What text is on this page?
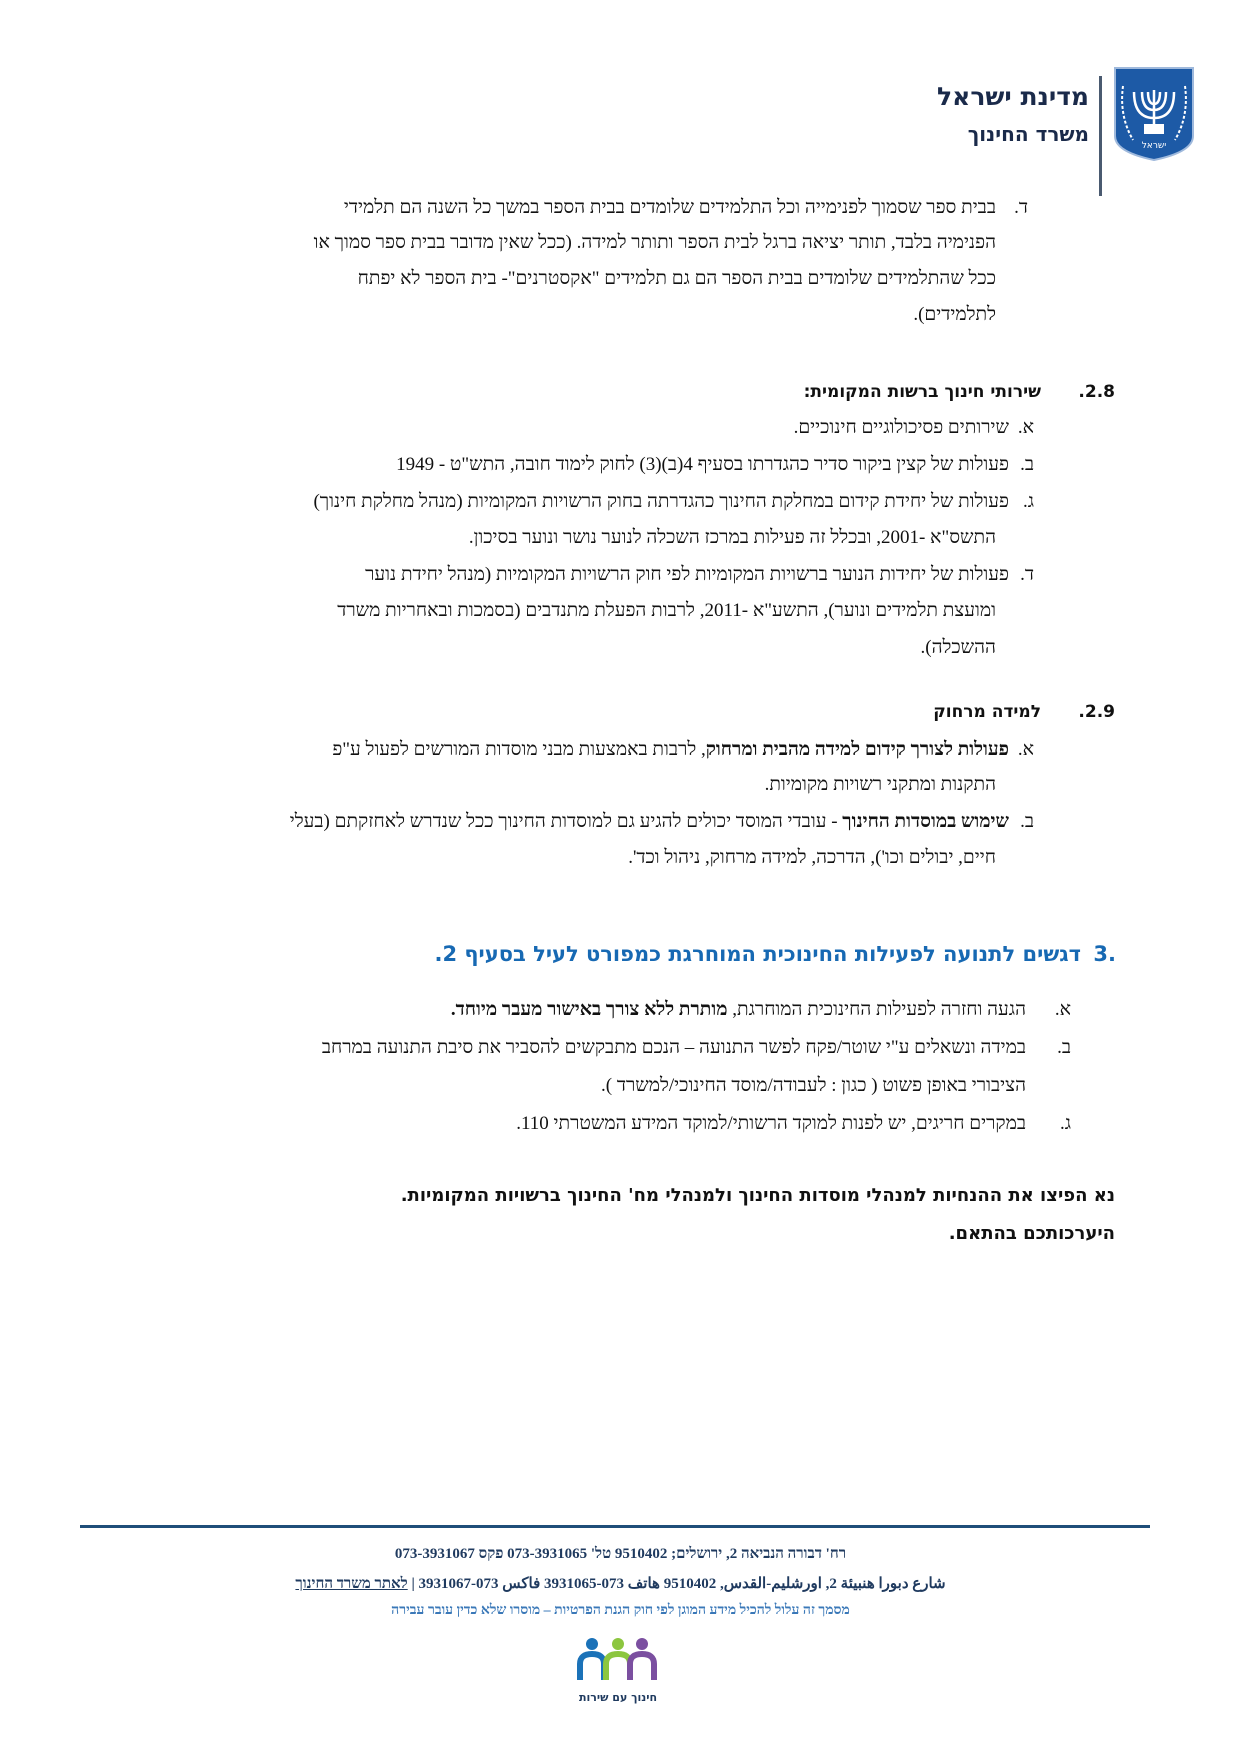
ישראל
מדינת ישראל
משרד החינוך
ד.
בבית ספר שסמוך לפנימייה וכל התלמידים שלומדים בבית הספר במשך כל השנה הם תלמידי
הפנימיה בלבד, תותר יציאה ברגל לבית הספר ותותר למידה. (ככל שאין מדובר בבית ספר סמוך או
ככל שהתלמידים שלומדים בבית הספר הם גם תלמידים "אקסטרנים"- בית הספר לא יפתח
לתלמידים).
.2.8
שירותי חינוך ברשות המקומית:
א.
שירותים פסיכולוגיים חינוכיים.
ב.
פעולות של קצין ביקור סדיר כהגדרתו בסעיף 4(ב)(3) לחוק לימוד חובה, התש"ט - 1949
ג.
פעולות של יחידת קידום במחלקת החינוך כהגדרתה בחוק הרשויות המקומיות (מנהל מחלקת חינוך)
התשס"א -2001, ובכלל זה פעילות במרכז השכלה לנוער נושר ונוער בסיכון.
ד.
פעולות של יחידות הנוער ברשויות המקומיות לפי חוק הרשויות המקומיות (מנהל יחידת נוער
ומועצת תלמידים ונוער), התשע"א -2011, לרבות הפעלת מתנדבים (בסמכות ובאחריות משרד
ההשכלה).
.2.9
למידה מרחוק
א.
פעולות לצורך קידום למידה מהבית ומרחוק, לרבות באמצעות מבני מוסדות המורשים לפעול ע"פ
התקנות ומתקני רשויות מקומיות.
ב.
שימוש במוסדות החינוך - עובדי המוסד יכולים להגיע גם למוסדות החינוך ככל שנדרש לאחזקתם (בעלי
חיים, יבולים וכו'), הדרכה, למידה מרחוק, ניהול וכד'.
3.
דגשים לתנועה לפעילות החינוכית המוחרגת כמפורט לעיל בסעיף 2.
א.
הגעה וחזרה לפעילות החינוכית המוחרגת, מותרת ללא צורך באישור מעבר מיוחד.
ב.
במידה ונשאלים ע"י שוטר/פקח לפשר התנועה – הנכם מתבקשים להסביר את סיבת התנועה במרחב
הציבורי באופן פשוט ( כגון : לעבודה/מוסד החינוכי/למשרד ).
ג.
במקרים חריגים, יש לפנות למוקד הרשותי/למוקד המידע המשטרתי 110.
נא הפיצו את ההנחיות למנהלי מוסדות החינוך ולמנהלי מח' החינוך ברשויות המקומיות.
היערכותכם בהתאם.
רח' דבורה הנביאה 2, ירושלים; 9510402 טל' 073-3931065 פקס 073-3931067
شارع دبورا هنبيئة 2, اورشليم-القدس, 9510402 هاتف 073-3931065 فاكس 073-3931067 | לאתר משרד החינוך
מסמך זה עלול להכיל מידע המוגן לפי חוק הגנת הפרטיות – מוסרו שלא כדין עובר עבירה
חינוך עם שירות
